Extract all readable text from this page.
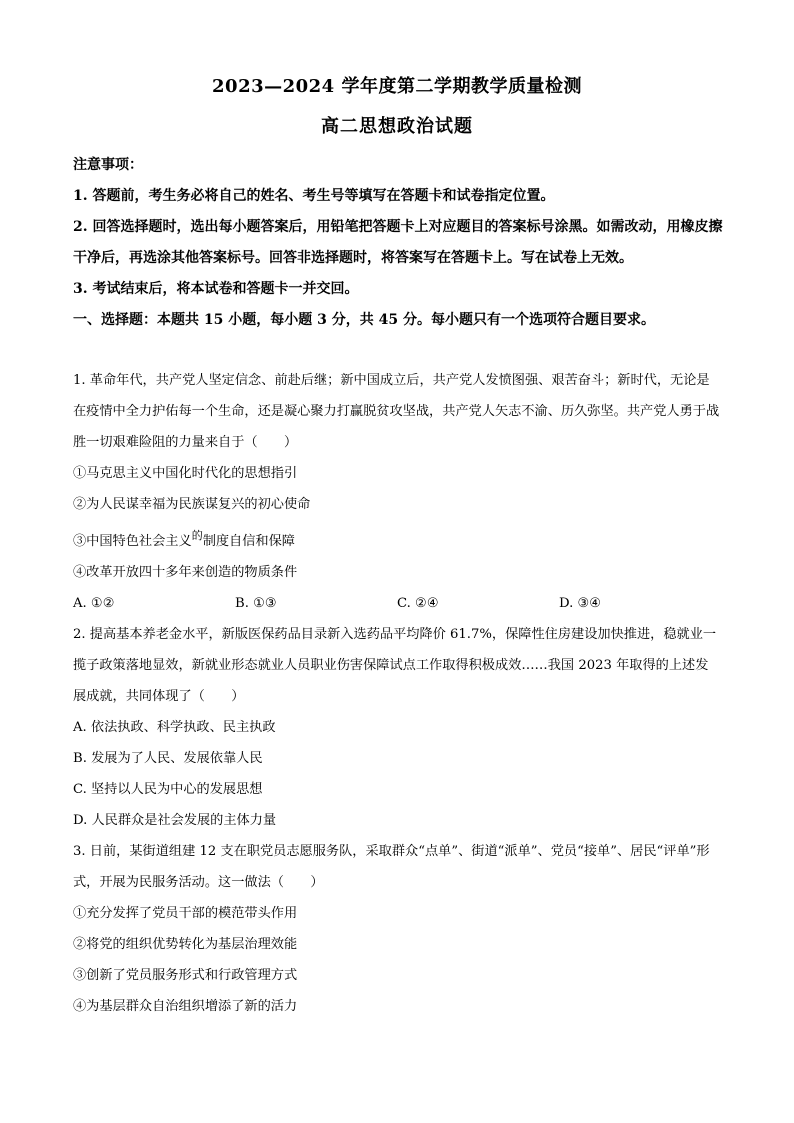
2023—2024 学年度第二学期教学质量检测
高二思想政治试题

注意事项：

1. 答题前，考生务必将自己的姓名、考生号等填写在答题卡和试卷指定位置。

2. 回答选择题时，选出每小题答案后，用铅笔把答题卡上对应题目的答案标号涂黑。如需改动，用橡皮擦干净后，再选涂其他答案标号。回答非选择题时，将答案写在答题卡上。写在试卷上无效。

3. 考试结束后，将本试卷和答题卡一并交回。

一、选择题：本题共 15 小题，每小题 3 分，共 45 分。每小题只有一个选项符合题目要求。

1. 革命年代，共产党人坚定信念、前赴后继；新中国成立后，共产党人发愤图强、艰苦奋斗；新时代，无论是在疫情中全力护佑每一个生命，还是凝心聚力打赢脱贫攻坚战，共产党人矢志不渝、历久弥坚。共产党人勇于战胜一切艰难险阻的力量来自于（　　）

①马克思主义中国化时代化的思想指引

②为人民谋幸福为民族谋复兴的初心使命

③中国特色社会主义$^的$制度自信和保障

④改革开放四十多年来创造的物质条件

A. ①②	B. ①③	C. ②④	D. ③④

2. 提高基本养老金水平，新版医保药品目录新入选药品平均降价 61.7%，保障性住房建设加快推进，稳就业一揽子政策落地显效，新就业形态就业人员职业伤害保障试点工作取得积极成效……我国 2023 年取得的上述发展成就，共同体现了（　　）

A. 依法执政、科学执政、民主执政

B. 发展为了人民、发展依靠人民

C. 坚持以人民为中心的发展思想

D. 人民群众是社会发展的主体力量

3. 日前，某街道组建 12 支在职党员志愿服务队，采取群众“点单”、街道“派单”、党员“接单”、居民“评单”形式，开展为民服务活动。这一做法（　　）

①充分发挥了党员干部的模范带头作用

②将党的组织优势转化为基层治理效能

③创新了党员服务形式和行政管理方式

④为基层群众自治组织增添了新的活力
